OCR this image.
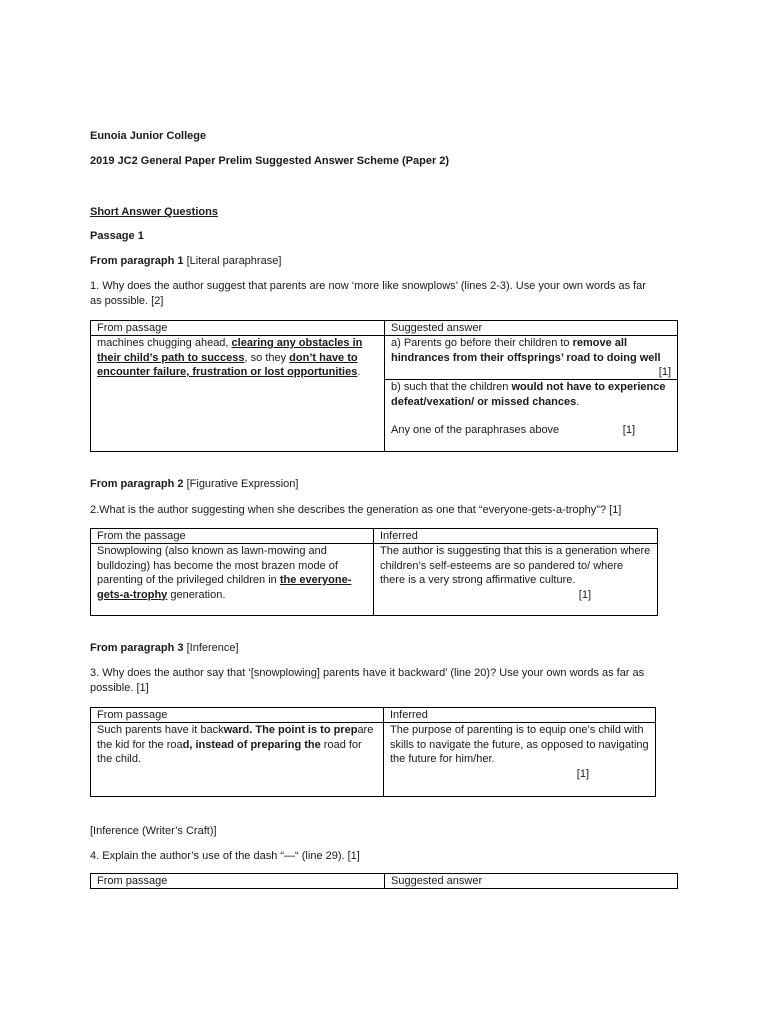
Eunoia Junior College
2019 JC2 General Paper Prelim Suggested Answer Scheme (Paper 2)
Short Answer Questions
Passage 1
From paragraph 1 [Literal paraphrase]
1. Why does the author suggest that parents are now ‘more like snowplows’ (lines 2-3). Use your own words as far
as possible. [2]
From passage	Suggested answer
machines chugging ahead, clearing any obstacles in their child’s path to success, so they don’t have to encounter failure, frustration or lost opportunities.	a) Parents go before their children to remove all hindrances from their offsprings’ road to doing well
[1]
b) such that the children would not have to experience defeat/vexation/ or missed chances.
Any one of the paraphrases above [1]
From paragraph 2 [Figurative Expression]
2.What is the author suggesting when she describes the generation as one that “everyone-gets-a-trophy”? [1]
From the passage	Inferred
Snowplowing (also known as lawn-mowing and bulldozing) has become the most brazen mode of parenting of the privileged children in the everyone-gets-a-trophy generation.	The author is suggesting that this is a generation where children’s self-esteems are so pandered to/ where there is a very strong affirmative culture.
[1]
From paragraph 3 [Inference]
3. Why does the author say that ‘[snowplowing] parents have it backward’ (line 20)? Use your own words as far as
possible. [1]
From passage	Inferred
Such parents have it backward. The point is to prepare the kid for the road, instead of preparing the road for the child.	The purpose of parenting is to equip one’s child with skills to navigate the future, as opposed to navigating the future for him/her.
[1]
[Inference (Writer’s Craft)]
4. Explain the author’s use of the dash “—“ (line 29). [1]
From passage	Suggested answer
